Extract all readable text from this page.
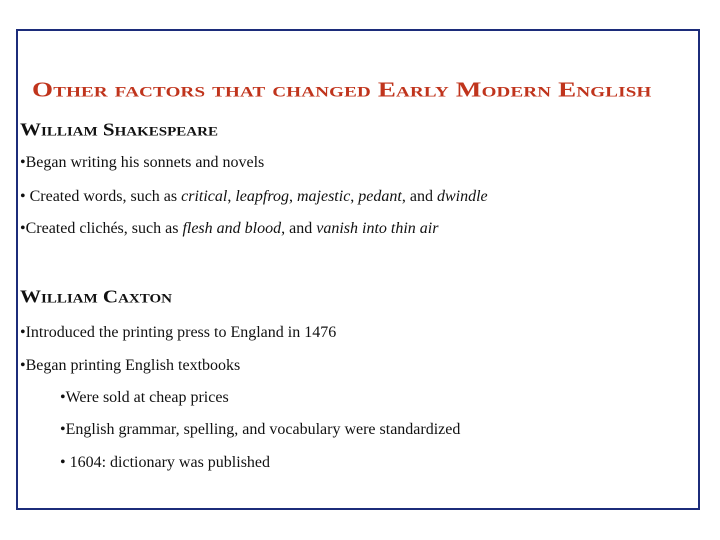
Other factors that changed Early Modern English
William Shakespeare

•Began writing his sonnets and novels

• Created words, such as critical, leapfrog, majestic, pedant, and dwindle

•Created clichés, such as flesh and blood, and vanish into thin air

William Caxton

•Introduced the printing press to England in 1476

•Began printing English textbooks

•Were sold at cheap prices

•English grammar, spelling, and vocabulary were standardized

• 1604: dictionary was published
